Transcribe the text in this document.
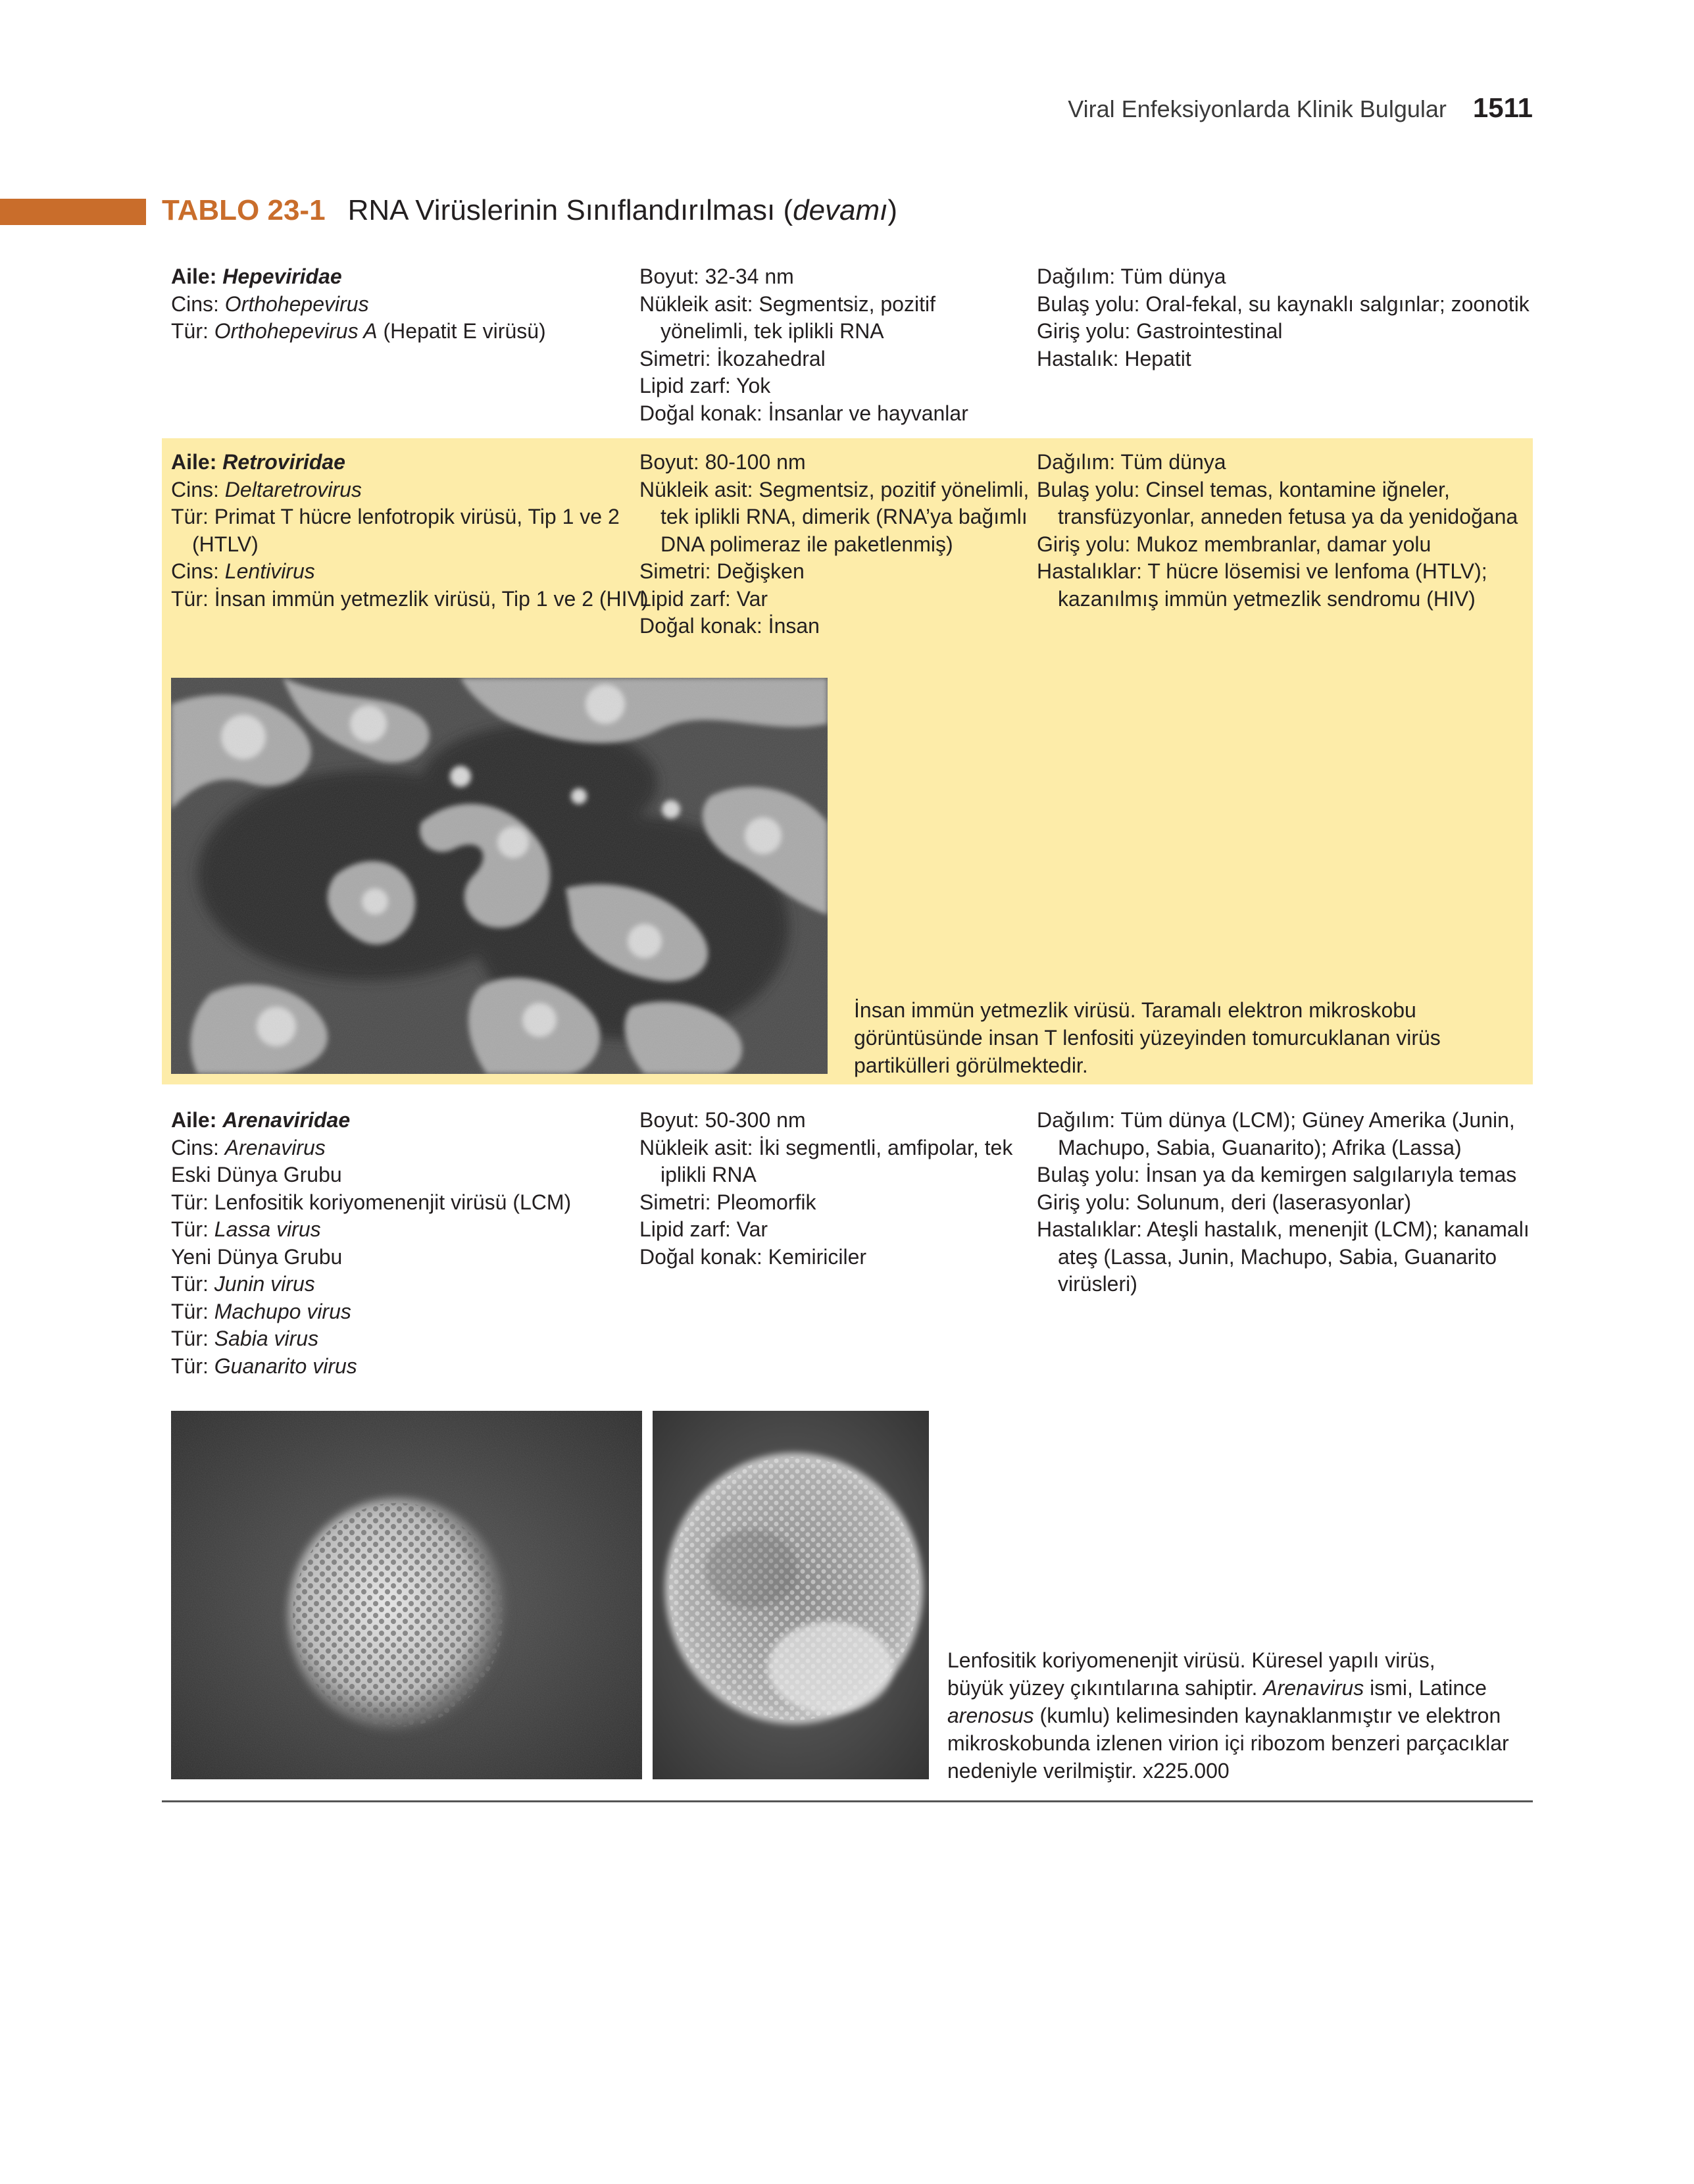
Viral Enfeksiyonlarda Klinik Bulgular 1511
TABLO 23-1 RNA Virüslerinin Sınıflandırılması (devamı)
Aile: Hepeviridae
Cins: Orthohepevirus
Tür: Orthohepevirus A (Hepatit E virüsü)
Boyut: 32-34 nm
Nükleik asit: Segmentsiz, pozitif
yönelimli, tek iplikli RNA
Simetri: İkozahedral
Lipid zarf: Yok
Doğal konak: İnsanlar ve hayvanlar
Dağılım: Tüm dünya
Bulaş yolu: Oral-fekal, su kaynaklı salgınlar; zoonotik
Giriş yolu: Gastrointestinal
Hastalık: Hepatit
Aile: Retroviridae
Cins: Deltaretrovirus
Tür: Primat T hücre lenfotropik virüsü, Tip 1 ve 2
(HTLV)
Cins: Lentivirus
Tür: İnsan immün yetmezlik virüsü, Tip 1 ve 2 (HIV)
Boyut: 80-100 nm
Nükleik asit: Segmentsiz, pozitif yönelimli,
tek iplikli RNA, dimerik (RNA’ya bağımlı
DNA polimeraz ile paketlenmiş)
Simetri: Değişken
Lipid zarf: Var
Doğal konak: İnsan
Dağılım: Tüm dünya
Bulaş yolu: Cinsel temas, kontamine iğneler,
transfüzyonlar, anneden fetusa ya da yenidoğana
Giriş yolu: Mukoz membranlar, damar yolu
Hastalıklar: T hücre lösemisi ve lenfoma (HTLV);
kazanılmış immün yetmezlik sendromu (HIV)
İnsan immün yetmezlik virüsü. Taramalı elektron mikroskobu
görüntüsünde insan T lenfositi yüzeyinden tomurcuklanan virüs
partikülleri görülmektedir.
Aile: Arenaviridae
Cins: Arenavirus
Eski Dünya Grubu
Tür: Lenfositik koriyomenenjit virüsü (LCM)
Tür: Lassa virus
Yeni Dünya Grubu
Tür: Junin virus
Tür: Machupo virus
Tür: Sabia virus
Tür: Guanarito virus
Boyut: 50-300 nm
Nükleik asit: İki segmentli, amfipolar, tek
iplikli RNA
Simetri: Pleomorfik
Lipid zarf: Var
Doğal konak: Kemiriciler
Dağılım: Tüm dünya (LCM); Güney Amerika (Junin,
Machupo, Sabia, Guanarito); Afrika (Lassa)
Bulaş yolu: İnsan ya da kemirgen salgılarıyla temas
Giriş yolu: Solunum, deri (laserasyonlar)
Hastalıklar: Ateşli hastalık, menenjit (LCM); kanamalı
ateş (Lassa, Junin, Machupo, Sabia, Guanarito
virüsleri)
Lenfositik koriyomenenjit virüsü. Küresel yapılı virüs,
büyük yüzey çıkıntılarına sahiptir. Arenavirus ismi, Latince
arenosus (kumlu) kelimesinden kaynaklanmıştır ve elektron
mikroskobunda izlenen virion içi ribozom benzeri parçacıklar
nedeniyle verilmiştir. x225.000
